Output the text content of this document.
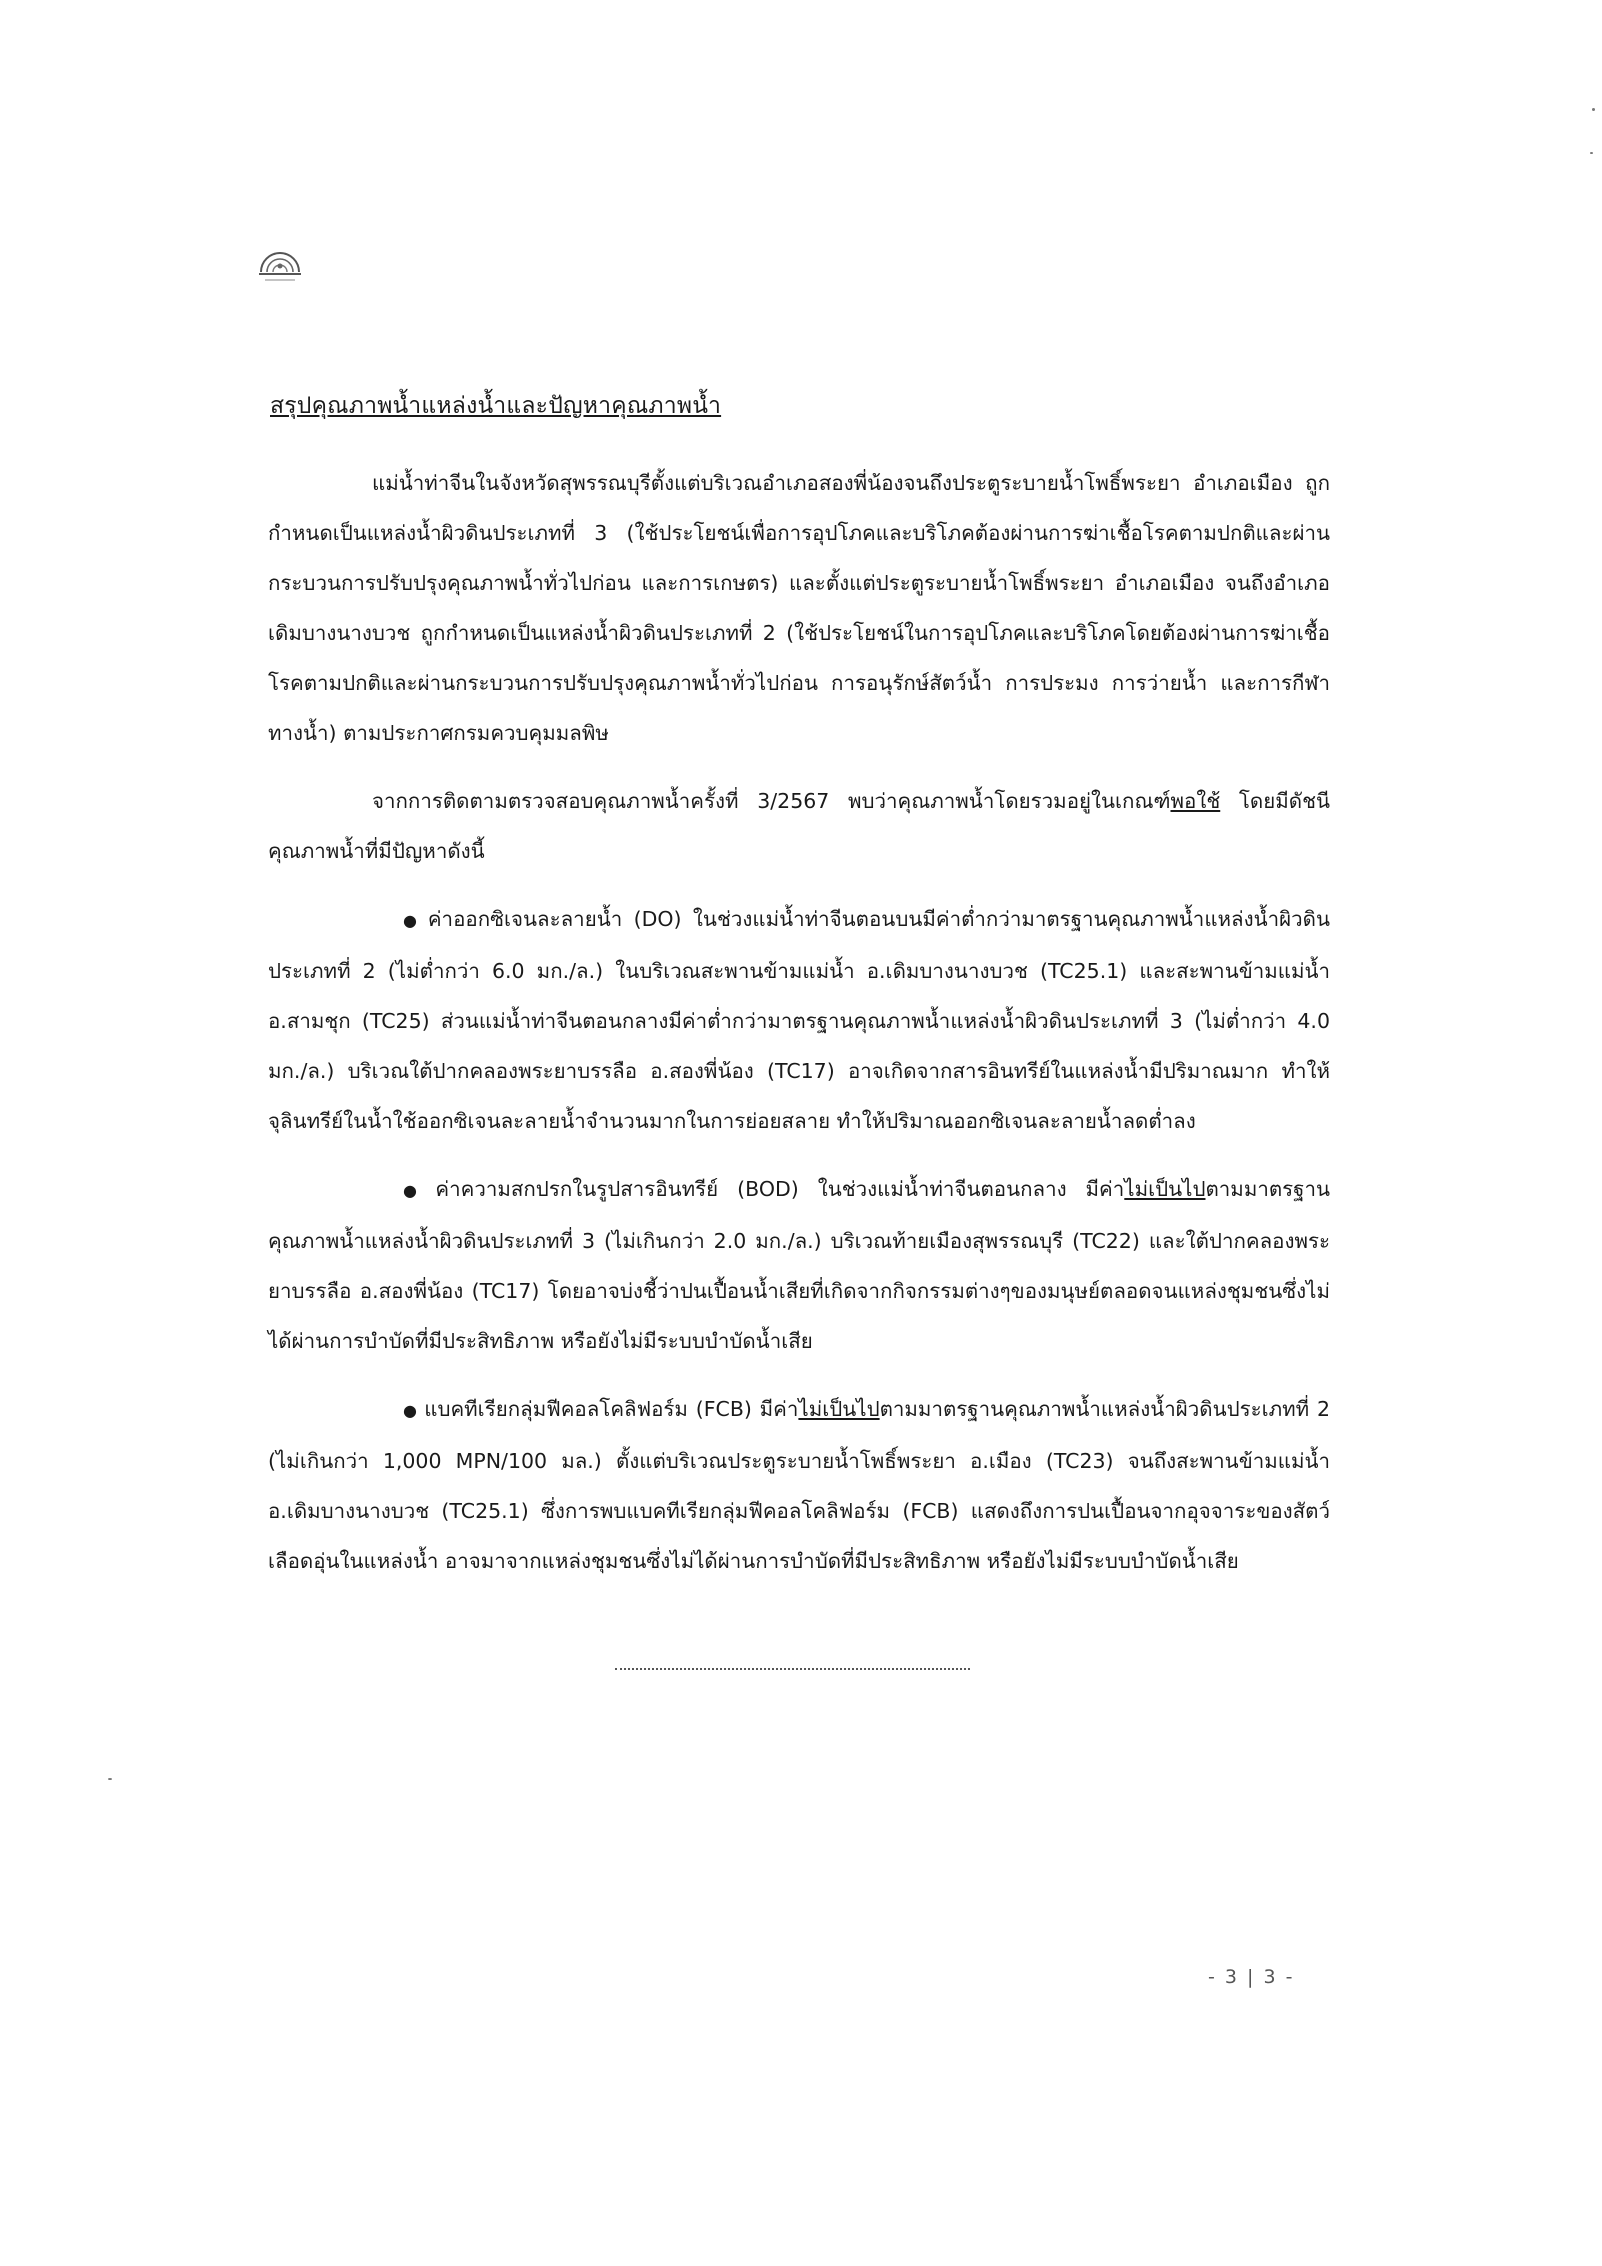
สรุปคุณภาพน้ำแหล่งน้ำและปัญหาคุณภาพน้ำ

แม่น้ำท่าจีนในจังหวัดสุพรรณบุรีตั้งแต่บริเวณอำเภอสองพี่น้องจนถึงประตูระบายน้ำโพธิ์พระยา อำเภอเมือง ถูกกำหนดเป็นแหล่งน้ำผิวดินประเภทที่ 3 (ใช้ประโยชน์เพื่อการอุปโภคและบริโภคต้องผ่านการฆ่าเชื้อโรคตามปกติและผ่านกระบวนการปรับปรุงคุณภาพน้ำทั่วไปก่อน และการเกษตร) และตั้งแต่ประตูระบายน้ำโพธิ์พระยา อำเภอเมือง จนถึงอำเภอเดิมบางนางบวช ถูกกำหนดเป็นแหล่งน้ำผิวดินประเภทที่ 2 (ใช้ประโยชน์ในการอุปโภคและบริโภคโดยต้องผ่านการฆ่าเชื้อโรคตามปกติและผ่านกระบวนการปรับปรุงคุณภาพน้ำทั่วไปก่อน การอนุรักษ์สัตว์น้ำ การประมง การว่ายน้ำ และการกีฬาทางน้ำ) ตามประกาศกรมควบคุมมลพิษ

จากการติดตามตรวจสอบคุณภาพน้ำครั้งที่ 3/2567 พบว่าคุณภาพน้ำโดยรวมอยู่ในเกณฑ์พอใช้ โดยมีดัชนีคุณภาพน้ำที่มีปัญหาดังนี้

● ค่าออกซิเจนละลายน้ำ (DO) ในช่วงแม่น้ำท่าจีนตอนบนมีค่าต่ำกว่ามาตรฐานคุณภาพน้ำแหล่งน้ำผิวดินประเภทที่ 2 (ไม่ต่ำกว่า 6.0 มก./ล.) ในบริเวณสะพานข้ามแม่น้ำ อ.เดิมบางนางบวช (TC25.1) และสะพานข้ามแม่น้ำ อ.สามชุก (TC25) ส่วนแม่น้ำท่าจีนตอนกลางมีค่าต่ำกว่ามาตรฐานคุณภาพน้ำแหล่งน้ำผิวดินประเภทที่ 3 (ไม่ต่ำกว่า 4.0 มก./ล.) บริเวณใต้ปากคลองพระยาบรรลือ อ.สองพี่น้อง (TC17) อาจเกิดจากสารอินทรีย์ในแหล่งน้ำมีปริมาณมาก ทำให้จุลินทรีย์ในน้ำใช้ออกซิเจนละลายน้ำจำนวนมากในการย่อยสลาย ทำให้ปริมาณออกซิเจนละลายน้ำลดต่ำลง

● ค่าความสกปรกในรูปสารอินทรีย์ (BOD) ในช่วงแม่น้ำท่าจีนตอนกลาง มีค่าไม่เป็นไปตามมาตรฐานคุณภาพน้ำแหล่งน้ำผิวดินประเภทที่ 3 (ไม่เกินกว่า 2.0 มก./ล.) บริเวณท้ายเมืองสุพรรณบุรี (TC22) และใต้ปากคลองพระยาบรรลือ อ.สองพี่น้อง (TC17) โดยอาจบ่งชี้ว่าปนเปื้อนน้ำเสียที่เกิดจากกิจกรรมต่างๆของมนุษย์ตลอดจนแหล่งชุมชนซึ่งไม่ได้ผ่านการบำบัดที่มีประสิทธิภาพ หรือยังไม่มีระบบบำบัดน้ำเสีย

● แบคทีเรียกลุ่มฟีคอลโคลิฟอร์ม (FCB) มีค่าไม่เป็นไปตามมาตรฐานคุณภาพน้ำแหล่งน้ำผิวดินประเภทที่ 2 (ไม่เกินกว่า 1,000 MPN/100 มล.) ตั้งแต่บริเวณประตูระบายน้ำโพธิ์พระยา อ.เมือง (TC23) จนถึงสะพานข้ามแม่น้ำ อ.เดิมบางนางบวช (TC25.1) ซึ่งการพบแบคทีเรียกลุ่มฟีคอลโคลิฟอร์ม (FCB) แสดงถึงการปนเปื้อนจากอุจจาระของสัตว์เลือดอุ่นในแหล่งน้ำ อาจมาจากแหล่งชุมชนซึ่งไม่ได้ผ่านการบำบัดที่มีประสิทธิภาพ หรือยังไม่มีระบบบำบัดน้ำเสีย

- 3 | 3 -
